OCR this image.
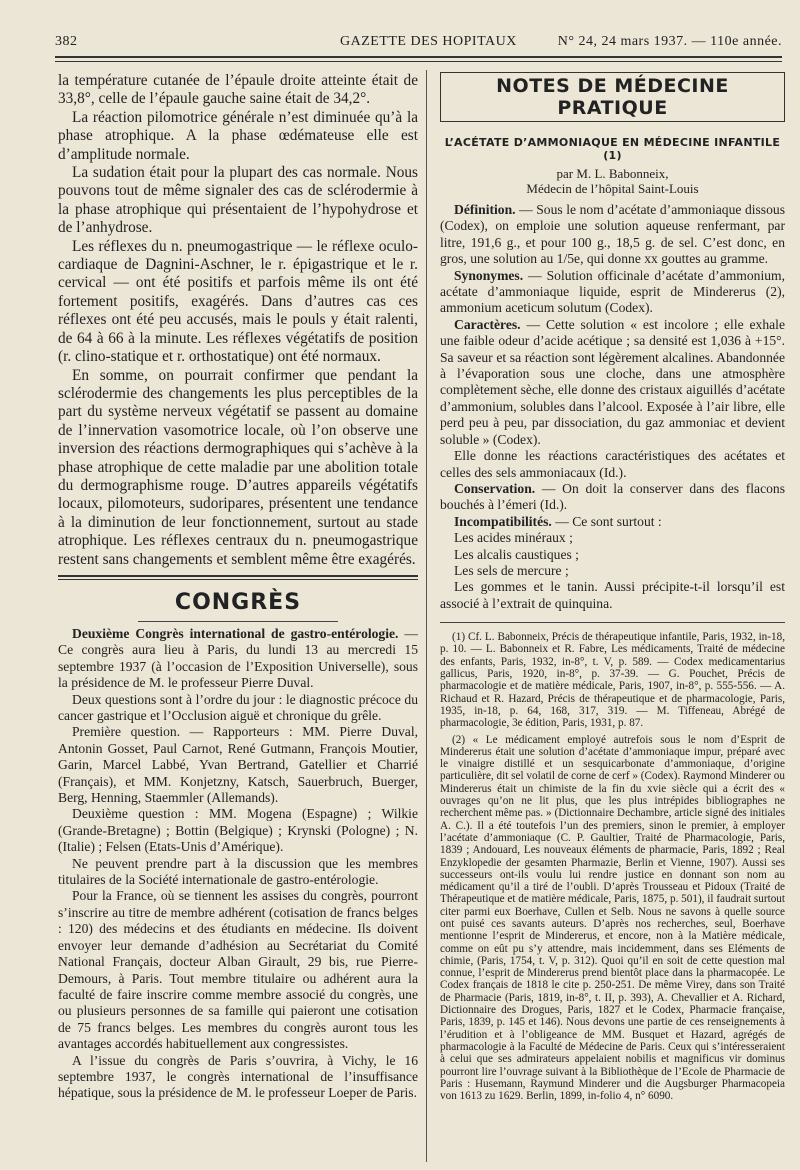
382	GAZETTE DES HOPITAUX	N° 24, 24 mars 1937. — 110e année.

la température cutanée de l’épaule droite atteinte était de 33,8°, celle de l’épaule gauche saine était de 34,2°.

La réaction pilomotrice générale n’est diminuée qu’à la phase atrophique. A la phase œdémateuse elle est d’amplitude normale.

La sudation était pour la plupart des cas normale. Nous pouvons tout de même signaler des cas de sclérodermie à la phase atrophique qui présentaient de l’hypohydrose et de l’anhydrose.

Les réflexes du n. pneumogastrique — le réflexe oculo-cardiaque de Dagnini-Aschner, le r. épigastrique et le r. cervical — ont été positifs et parfois même ils ont été fortement positifs, exagérés. Dans d’autres cas ces réflexes ont été peu accusés, mais le pouls y était ralenti, de 64 à 66 à la minute. Les réflexes végétatifs de position (r. clino-statique et r. orthostatique) ont été normaux.

En somme, on pourrait confirmer que pendant la sclérodermie des changements les plus perceptibles de la part du système nerveux végétatif se passent au domaine de l’innervation vasomotrice locale, où l’on observe une inversion des réactions dermographiques qui s’achève à la phase atrophique de cette maladie par une abolition totale du dermographisme rouge. D’autres appareils végétatifs locaux, pilomoteurs, sudoripares, présentent une tendance à la diminution de leur fonctionnement, surtout au stade atrophique. Les réflexes centraux du n. pneumogastrique restent sans changements et semblent même être exagérés.

CONGRÈS

Deuxième Congrès international de gastro-entérologie. — Ce congrès aura lieu à Paris, du lundi 13 au mercredi 15 septembre 1937 (à l’occasion de l’Exposition Universelle), sous la présidence de M. le professeur Pierre Duval.

Deux questions sont à l’ordre du jour : le diagnostic précoce du cancer gastrique et l’Occlusion aiguë et chronique du grêle.

Première question. — Rapporteurs : MM. Pierre Duval, Antonin Gosset, Paul Carnot, René Gutmann, François Moutier, Garin, Marcel Labbé, Yvan Bertrand, Gatellier et Charrié (Français), et MM. Konjetzny, Katsch, Sauerbruch, Buerger, Berg, Henning, Staemmler (Allemands).

Deuxième question : MM. Mogena (Espagne) ; Wilkie (Grande-Bretagne) ; Bottin (Belgique) ; Krynski (Pologne) ; N. (Italie) ; Felsen (Etats-Unis d’Amérique).

Ne peuvent prendre part à la discussion que les membres titulaires de la Société internationale de gastro-entérologie.

Pour la France, où se tiennent les assises du congrès, pourront s’inscrire au titre de membre adhérent (cotisation de francs belges : 120) des médecins et des étudiants en médecine. Ils doivent envoyer leur demande d’adhésion au Secrétariat du Comité National Français, docteur Alban Girault, 29 bis, rue Pierre-Demours, à Paris. Tout membre titulaire ou adhérent aura la faculté de faire inscrire comme membre associé du congrès, une ou plusieurs personnes de sa famille qui paieront une cotisation de 75 francs belges. Les membres du congrès auront tous les avantages accordés habituellement aux congressistes.

A l’issue du congrès de Paris s’ouvrira, à Vichy, le 16 septembre 1937, le congrès international de l’insuffisance hépatique, sous la présidence de M. le professeur Loeper de Paris.

NOTES DE MÉDECINE PRATIQUE
L’ACÉTATE D’AMMONIAQUE EN MÉDECINE INFANTILE (1)
par M. L. Babonneix,
Médecin de l’hôpital Saint-Louis

Définition. — Sous le nom d’acétate d’ammoniaque dissous (Codex), on emploie une solution aqueuse renfermant, par litre, 191,6 g., et pour 100 g., 18,5 g. de sel. C’est donc, en gros, une solution au 1/5e, qui donne xx gouttes au gramme.

Synonymes. — Solution officinale d’acétate d’ammonium, acétate d’ammoniaque liquide, esprit de Mindererus (2), ammonium aceticum solutum (Codex).

Caractères. — Cette solution « est incolore ; elle exhale une faible odeur d’acide acétique ; sa densité est 1,036 à +15°. Sa saveur et sa réaction sont légèrement alcalines. Abandonnée à l’évaporation sous une cloche, dans une atmosphère complètement sèche, elle donne des cristaux aiguillés d’acétate d’ammonium, solubles dans l’alcool. Exposée à l’air libre, elle perd peu à peu, par dissociation, du gaz ammoniac et devient soluble » (Codex).

Elle donne les réactions caractéristiques des acétates et celles des sels ammoniacaux (Id.).

Conservation. — On doit la conserver dans des flacons bouchés à l’émeri (Id.).

Incompatibilités. — Ce sont surtout :

Les acides minéraux ;

Les alcalis caustiques ;

Les sels de mercure ;

Les gommes et le tanin. Aussi précipite-t-il lorsqu’il est associé à l’extrait de quinquina.

(1) Cf. L. Babonneix, Précis de thérapeutique infantile, Paris, 1932, in-18, p. 10. — L. Babonneix et R. Fabre, Les médicaments, Traité de médecine des enfants, Paris, 1932, in-8°, t. V, p. 589. — Codex medicamentarius gallicus, Paris, 1920, in-8°, p. 37-39. — G. Pouchet, Précis de pharmacologie et de matière médicale, Paris, 1907, in-8°, p. 555-556. — A. Richaud et R. Hazard, Précis de thérapeutique et de pharmacologie, Paris, 1935, in-18, p. 64, 168, 317, 319. — M. Tiffeneau, Abrégé de pharmacologie, 3e édition, Paris, 1931, p. 87.

(2) « Le médicament employé autrefois sous le nom d’Esprit de Mindererus était une solution d’acétate d’ammoniaque impur, préparé avec le vinaigre distillé et un sesquicarbonate d’ammoniaque, d’origine particulière, dit sel volatil de corne de cerf » (Codex). Raymond Minderer ou Mindererus était un chimiste de la fin du xvie siècle qui a écrit des « ouvrages qu’on ne lit plus, que les plus intrépides bibliographes ne recherchent même pas. » (Dictionnaire Dechambre, article signé des initiales A. C.). Il a été toutefois l’un des premiers, sinon le premier, à employer l’acétate d’ammoniaque (C. P. Gaultier, Traité de Pharmacologie, Paris, 1839 ; Andouard, Les nouveaux éléments de pharmacie, Paris, 1892 ; Real Enzyklopedie der gesamten Pharmazie, Berlin et Vienne, 1907). Aussi ses successeurs ont-ils voulu lui rendre justice en donnant son nom au médicament qu’il a tiré de l’oubli. D’après Trousseau et Pidoux (Traité de Thérapeutique et de matière médicale, Paris, 1875, p. 501), il faudrait surtout citer parmi eux Boerhave, Cullen et Selb. Nous ne savons à quelle source ont puisé ces savants auteurs. D’après nos recherches, seul, Boerhave mentionne l’esprit de Mindererus, et encore, non à la Matière médicale, comme on eût pu s’y attendre, mais incidemment, dans ses Eléments de chimie, (Paris, 1754, t. V, p. 312). Quoi qu’il en soit de cette question mal connue, l’esprit de Mindererus prend bientôt place dans la pharmacopée. Le Codex français de 1818 le cite p. 250-251. De même Virey, dans son Traité de Pharmacie (Paris, 1819, in-8°, t. II, p. 393), A. Chevallier et A. Richard, Dictionnaire des Drogues, Paris, 1827 et le Codex, Pharmacie française, Paris, 1839, p. 145 et 146). Nous devons une partie de ces renseignements à l’érudition et à l’obligeance de MM. Busquet et Hazard, agrégés de pharmacologie à la Faculté de Médecine de Paris. Ceux qui s’intéresseraient à celui que ses admirateurs appelaient nobilis et magnificus vir dominus pourront lire l’ouvrage suivant à la Bibliothèque de l’Ecole de Pharmacie de Paris : Husemann, Raymund Minderer und die Augsburger Pharmacopeia von 1613 zu 1629. Berlin, 1899, in-folio 4, n° 6090.
